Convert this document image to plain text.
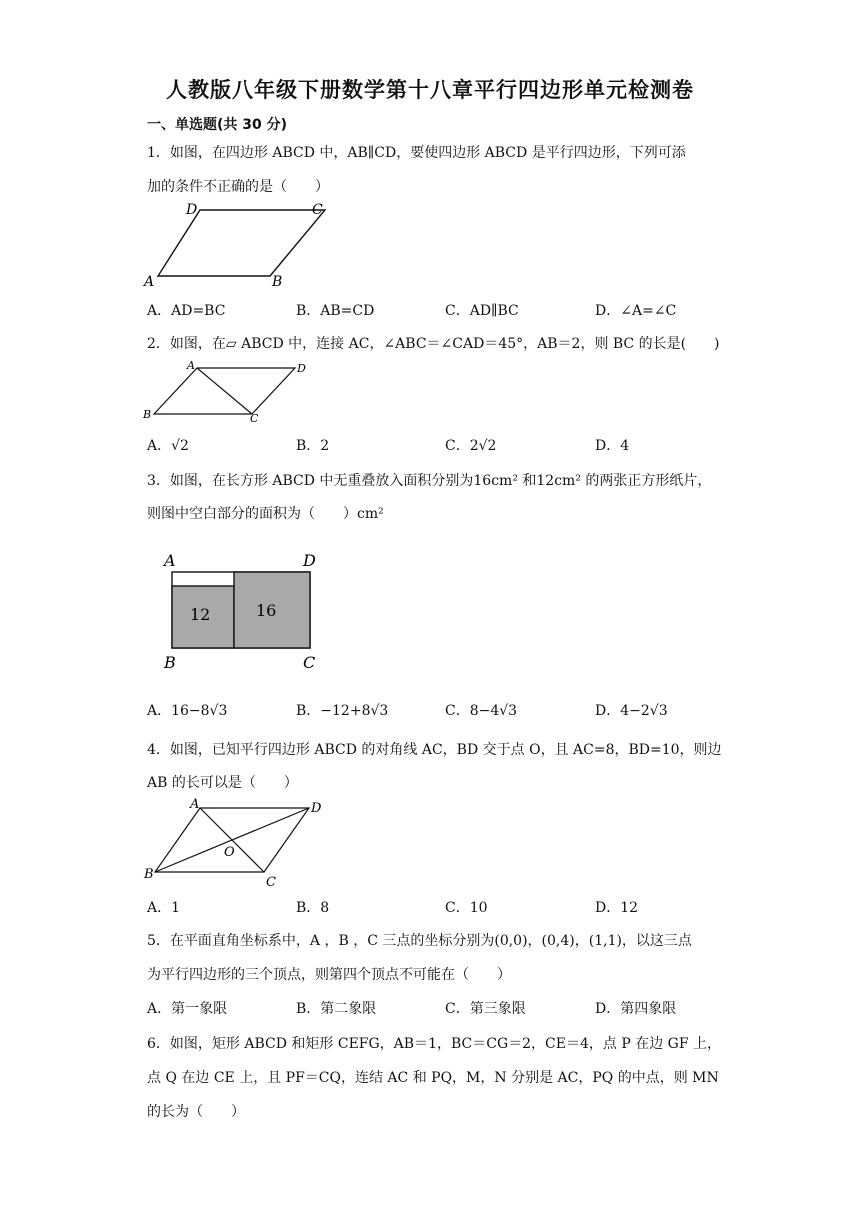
人教版八年级下册数学第十八章平行四边形单元检测卷
一、单选题(共 30 分)
1．如图，在四边形 ABCD 中，AB∥CD，要使四边形 ABCD 是平行四边形，下列可添
加的条件不正确的是（　　）
A	B
C
D
A．AD=BC	B．AB=CD	C．AD∥BC	D．∠A=∠C
2．如图，在▱ ABCD 中，连接 AC，∠ABC＝∠CAD＝45°，AB＝2，则 BC 的长是(　　)
A
B	C
D
A．√2	B．2	C．2√2	D．4
3．如图，在长方形 ABCD 中无重叠放入面积分别为16cm² 和12cm² 的两张正方形纸片，
则图中空白部分的面积为（　　）cm²
A	D
B	C
12	16
A．16−8√3	B．−12+8√3	C．8−4√3	D．4−2√3
4．如图，已知平行四边形 ABCD 的对角线 AC，BD 交于点 O，且 AC=8，BD=10，则边
AB 的长可以是（　　）
A
B
C
D
O
A．1	B．8	C．10	D．12
5．在平面直角坐标系中，A ，B ，C 三点的坐标分别为(0,0)，(0,4)，(1,1)，以这三点
为平行四边形的三个顶点，则第四个顶点不可能在（　　）
A．第一象限	B．第二象限	C．第三象限	D．第四象限
6．如图，矩形 ABCD 和矩形 CEFG，AB＝1，BC＝CG＝2，CE＝4，点 P 在边 GF 上，
点 Q 在边 CE 上，且 PF＝CQ，连结 AC 和 PQ，M，N 分别是 AC，PQ 的中点，则 MN
的长为（　　）
